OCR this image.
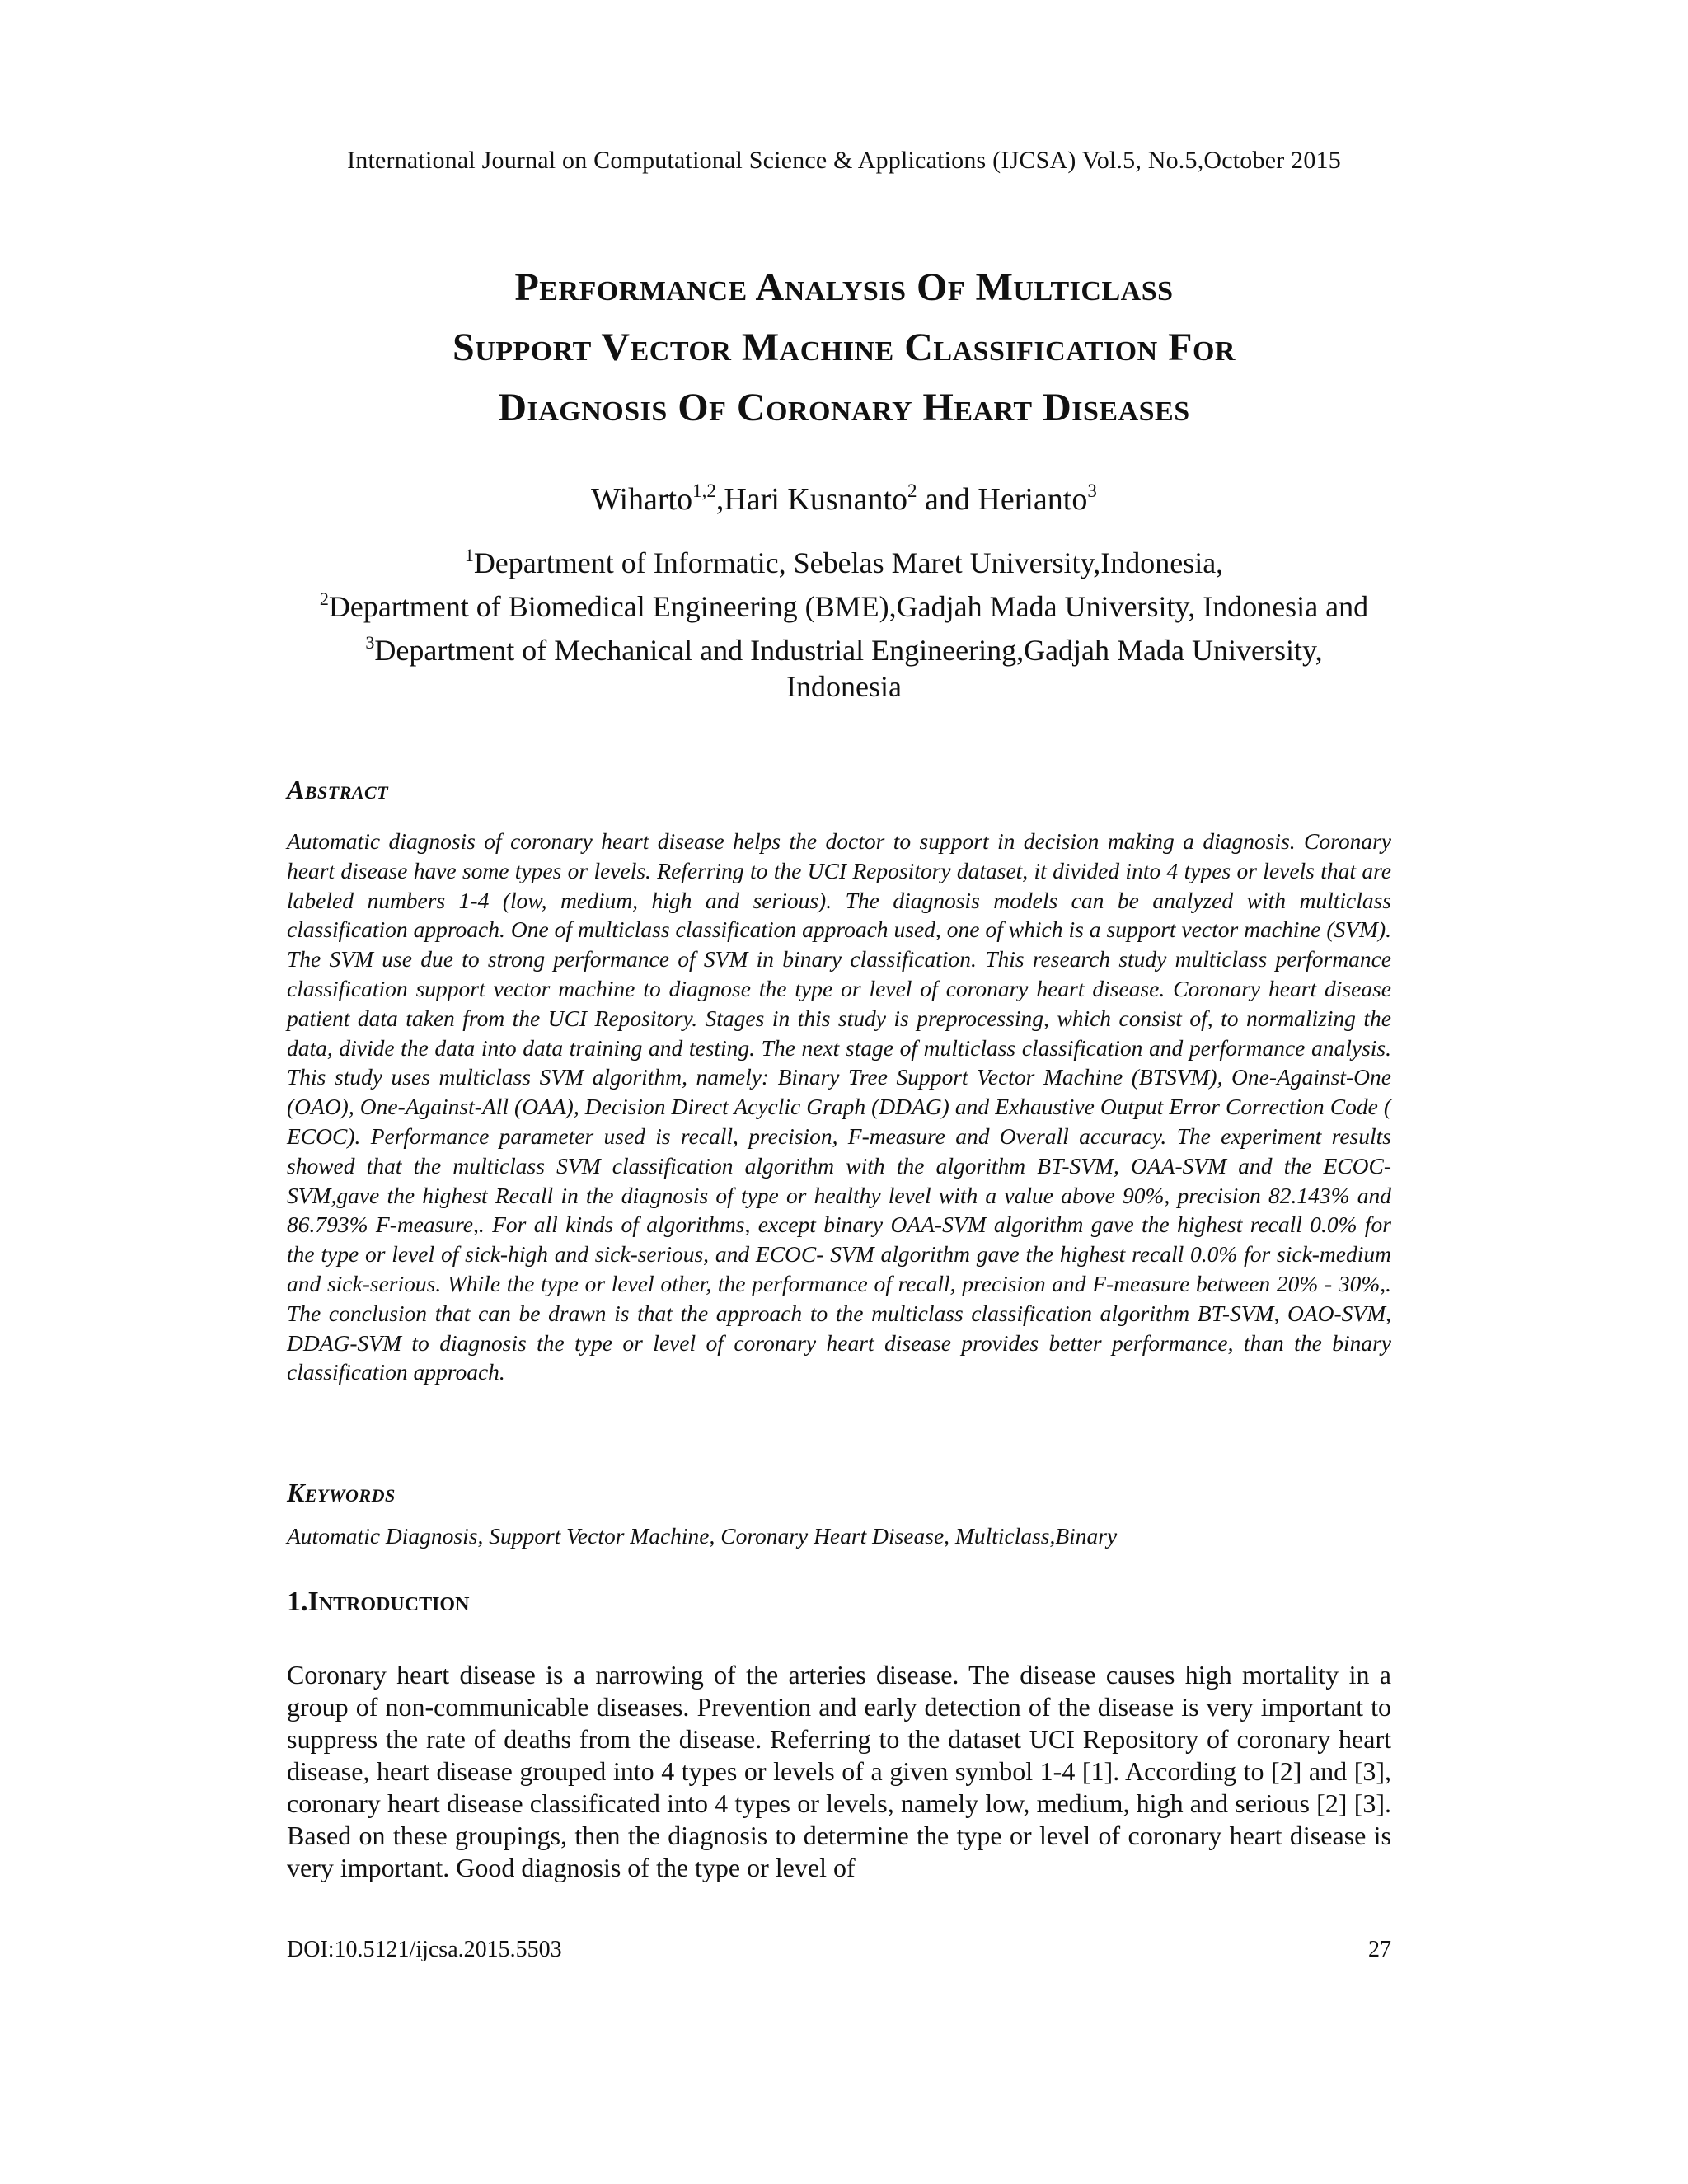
International Journal on Computational Science & Applications (IJCSA) Vol.5, No.5,October 2015
Performance Analysis Of Multiclass
Support Vector Machine Classification For
Diagnosis Of Coronary Heart Diseases
Wiharto$^{1,2}$,Hari Kusnanto$^2$ and Herianto$^3$
$^1$Department of Informatic, Sebelas Maret University,Indonesia,
$^2$Department of Biomedical Engineering (BME),Gadjah Mada University, Indonesia and
$^3$Department of Mechanical and Industrial Engineering,Gadjah Mada University,
Indonesia
Abstract

Automatic diagnosis of coronary heart disease helps the doctor to support in decision making a diagnosis. Coronary heart disease have some types or levels. Referring to the UCI Repository dataset, it divided into 4 types or levels that are labeled numbers 1-4 (low, medium, high and serious). The diagnosis models can be analyzed with multiclass classification approach. One of multiclass classification approach used, one of which is a support vector machine (SVM). The SVM use due to strong performance of SVM in binary classification. This research study multiclass performance classification support vector machine to diagnose the type or level of coronary heart disease. Coronary heart disease patient data taken from the UCI Repository. Stages in this study is preprocessing, which consist of, to normalizing the data, divide the data into data training and testing. The next stage of multiclass classification and performance analysis. This study uses multiclass SVM algorithm, namely: Binary Tree Support Vector Machine (BTSVM), One-Against-One (OAO), One-Against-All (OAA), Decision Direct Acyclic Graph (DDAG) and Exhaustive Output Error Correction Code ( ECOC). Performance parameter used is recall, precision, F-measure and Overall accuracy. The experiment results showed that the multiclass SVM classification algorithm with the algorithm BT-SVM, OAA-SVM and the ECOC-SVM,gave the highest Recall in the diagnosis of type or healthy level with a value above 90%, precision 82.143% and 86.793% F-measure,. For all kinds of algorithms, except binary OAA-SVM algorithm gave the highest recall 0.0% for the type or level of sick-high and sick-serious, and ECOC- SVM algorithm gave the highest recall 0.0% for sick-medium and sick-serious. While the type or level other, the performance of recall, precision and F-measure between 20% - 30%,. The conclusion that can be drawn is that the approach to the multiclass classification algorithm BT-SVM, OAO-SVM, DDAG-SVM to diagnosis the type or level of coronary heart disease provides better performance, than the binary classification approach.

Keywords

Automatic Diagnosis, Support Vector Machine, Coronary Heart Disease, Multiclass,Binary

1.Introduction

Coronary heart disease is a narrowing of the arteries disease. The disease causes high mortality in a group of non-communicable diseases. Prevention and early detection of the disease is very important to suppress the rate of deaths from the disease. Referring to the dataset UCI Repository of coronary heart disease, heart disease grouped into 4 types or levels of a given symbol 1-4 [1]. According to [2] and [3], coronary heart disease classificated into 4 types or levels, namely low, medium, high and serious [2] [3]. Based on these groupings, then the diagnosis to determine the type or level of coronary heart disease is very important. Good diagnosis of the type or level of

DOI:10.5121/ijcsa.2015.5503	27
